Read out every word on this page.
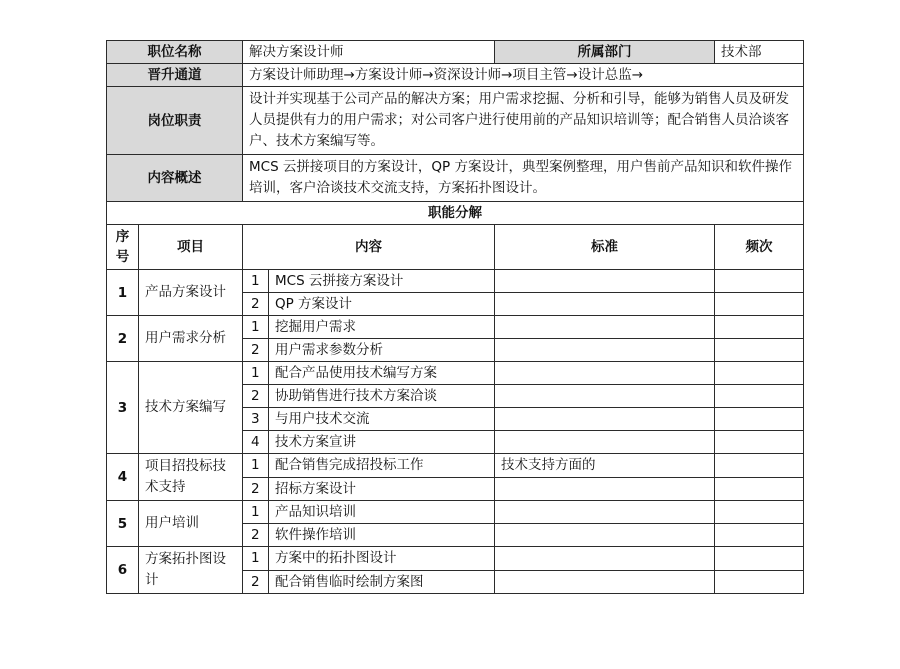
职位名称		解决方案设计师		所属部门	技术部
晋升通道		方案设计师助理→方案设计师→资深设计师→项目主管→设计总监→			
岗位职责		设计并实现基于公司产品的解决方案；用户需求挖掘、分析和引导，能够为销售人员及研发人员提供有力的用户需求；对公司客户进行使用前的产品知识培训等；配合销售人员洽谈客户、技术方案编写等。			
内容概述		MCS 云拼接项目的方案设计，QP 方案设计，典型案例整理，用户售前产品知识和软件操作培训，客户洽谈技术交流支持，方案拓扑图设计。			
职能分解					
序号	项目	内容		标准	频次
1	产品方案设计	1	MCS 云拼接方案设计		
		2	QP 方案设计		
2	用户需求分析	1	挖掘用户需求		
		2	用户需求参数分析		
3	技术方案编写	1	配合产品使用技术编写方案		
		2	协助销售进行技术方案洽谈		
		3	与用户技术交流		
		4	技术方案宣讲		
4	项目招投标技术支持	1	配合销售完成招投标工作	技术支持方面的	
		2	招标方案设计		
5	用户培训	1	产品知识培训		
		2	软件操作培训		
6	方案拓扑图设计	1	方案中的拓扑图设计		
		2	配合销售临时绘制方案图		
